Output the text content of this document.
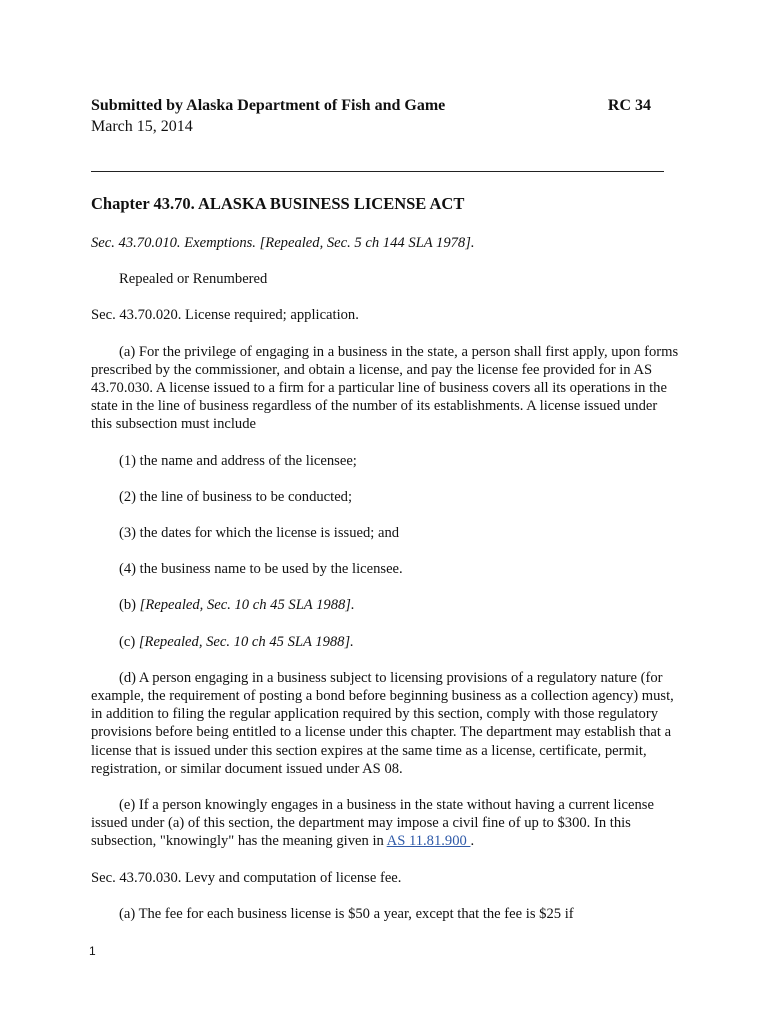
Submitted by Alaska Department of Fish and Game	RC 34
March 15, 2014
Chapter 43.70. ALASKA BUSINESS LICENSE ACT

Sec. 43.70.010. Exemptions. [Repealed, Sec. 5 ch 144 SLA 1978].

Repealed or Renumbered

Sec. 43.70.020. License required; application.

(a) For the privilege of engaging in a business in the state, a person shall first apply, upon forms prescribed by the commissioner, and obtain a license, and pay the license fee provided for in AS 43.70.030. A license issued to a firm for a particular line of business covers all its operations in the state in the line of business regardless of the number of its establishments. A license issued under this subsection must include

(1) the name and address of the licensee;

(2) the line of business to be conducted;

(3) the dates for which the license is issued; and

(4) the business name to be used by the licensee.

(b) [Repealed, Sec. 10 ch 45 SLA 1988].

(c) [Repealed, Sec. 10 ch 45 SLA 1988].

(d) A person engaging in a business subject to licensing provisions of a regulatory nature (for example, the requirement of posting a bond before beginning business as a collection agency) must, in addition to filing the regular application required by this section, comply with those regulatory provisions before being entitled to a license under this chapter. The department may establish that a license that is issued under this section expires at the same time as a license, certificate, permit, registration, or similar document issued under AS 08.

(e) If a person knowingly engages in a business in the state without having a current license issued under (a) of this section, the department may impose a civil fine of up to $300. In this subsection, "knowingly" has the meaning given in AS 11.81.900 .

Sec. 43.70.030. Levy and computation of license fee.

(a) The fee for each business license is $50 a year, except that the fee is $25 if

1
